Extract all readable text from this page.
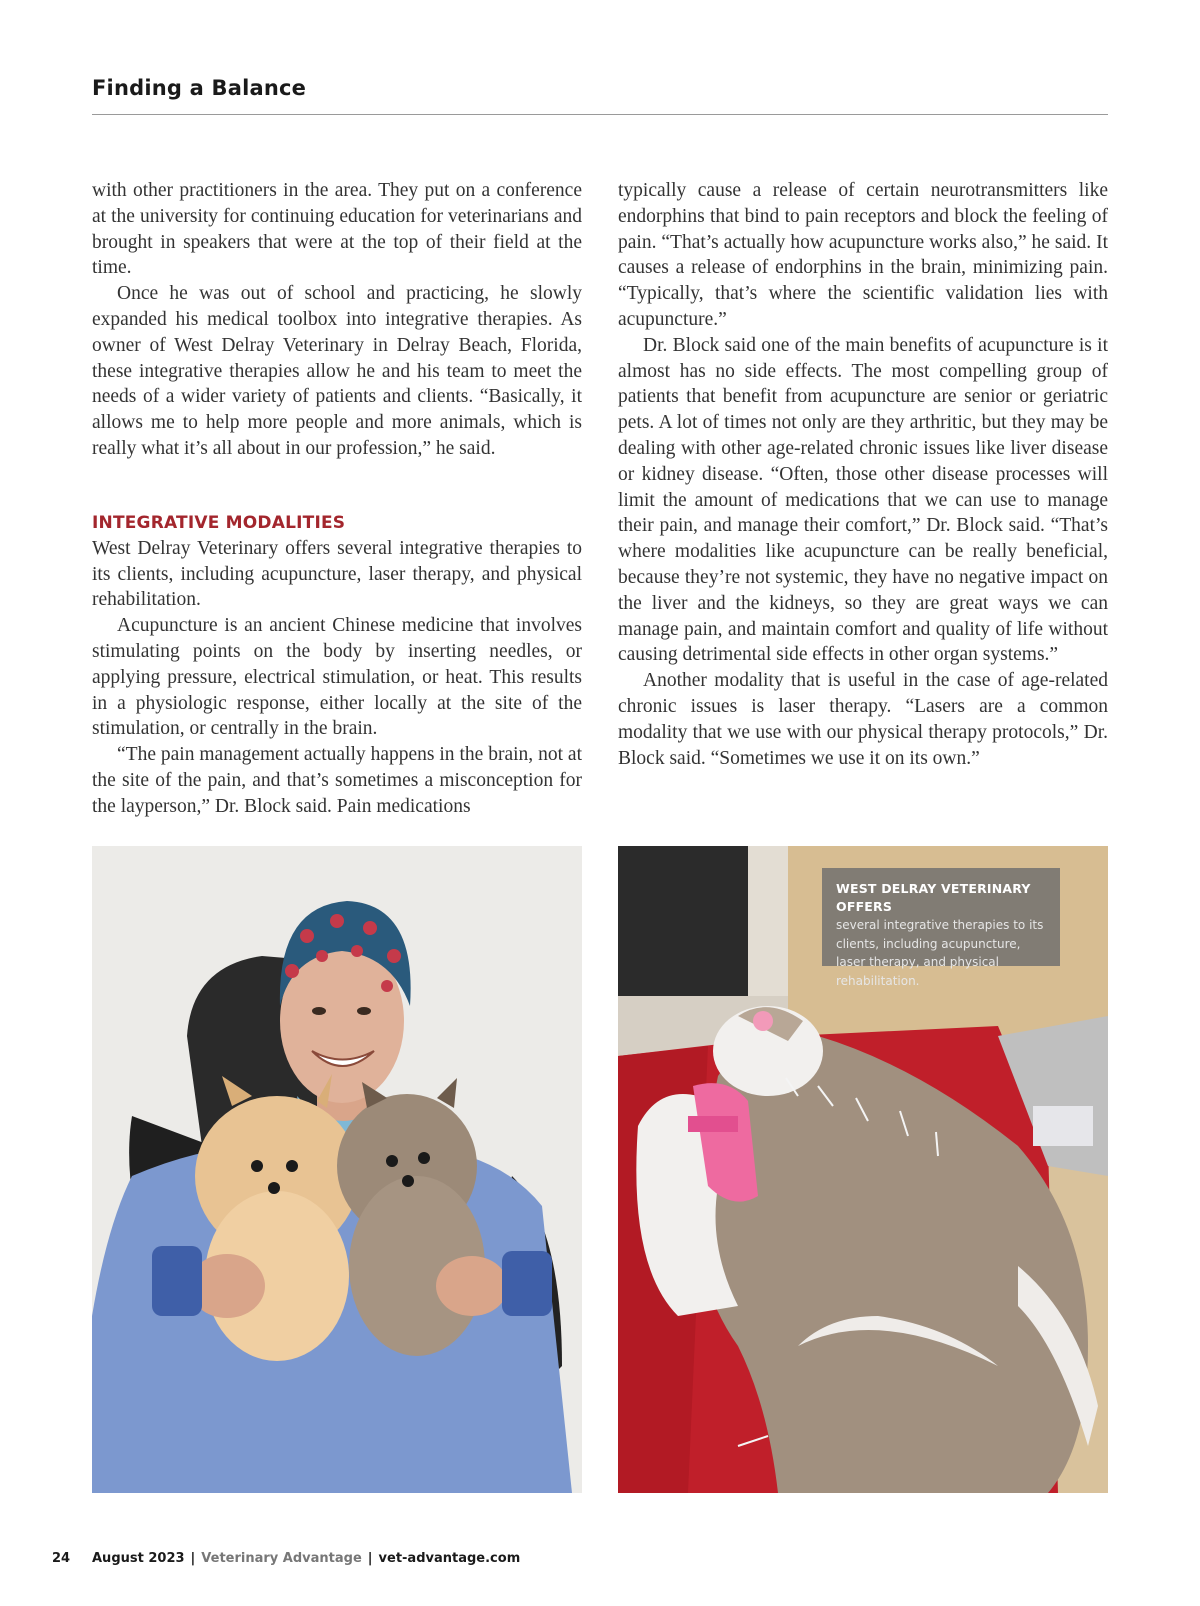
Finding a Balance

with other practitioners in the area. They put on a conference at the university for continuing education for veterinarians and brought in speakers that were at the top of their field at the time.

Once he was out of school and practicing, he slowly expanded his medical toolbox into integrative therapies. As owner of West Delray Veterinary in Delray Beach, Florida, these integrative therapies allow he and his team to meet the needs of a wider variety of patients and clients. “Basically, it allows me to help more people and more animals, which is really what it’s all about in our profession,” he said.

INTEGRATIVE MODALITIES

West Delray Veterinary offers several integrative therapies to its clients, including acupuncture, laser therapy, and physical rehabilitation.

Acupuncture is an ancient Chinese medicine that involves stimulating points on the body by inserting needles, or applying pressure, electrical stimulation, or heat. This results in a physiologic response, either locally at the site of the stimulation, or centrally in the brain.

“The pain management actually happens in the brain, not at the site of the pain, and that’s sometimes a misconception for the layperson,” Dr. Block said. Pain medications

typically cause a release of certain neurotransmitters like endorphins that bind to pain receptors and block the feeling of pain. “That’s actually how acupuncture works also,” he said. It causes a release of endorphins in the brain, minimizing pain. “Typically, that’s where the scientific validation lies with acupuncture.”

Dr. Block said one of the main benefits of acupuncture is it almost has no side effects. The most compelling group of patients that benefit from acupuncture are senior or geriatric pets. A lot of times not only are they arthritic, but they may be dealing with other age-related chronic issues like liver disease or kidney disease. “Often, those other disease processes will limit the amount of medications that we can use to manage their pain, and manage their comfort,” Dr. Block said. “That’s where modalities like acupuncture can be really beneficial, because they’re not systemic, they have no negative impact on the liver and the kidneys, so they are great ways we can manage pain, and maintain comfort and quality of life without causing detrimental side effects in other organ systems.”

Another modality that is useful in the case of age-related chronic issues is laser therapy. “Lasers are a common modality that we use with our physical therapy protocols,” Dr. Block said. “Sometimes we use it on its own.”

WEST DELRAY VETERINARY OFFERS
several integrative therapies to its clients, including acupuncture, laser therapy, and physical rehabilitation.
24 August 2023 | Veterinary Advantage | vet-advantage.com
